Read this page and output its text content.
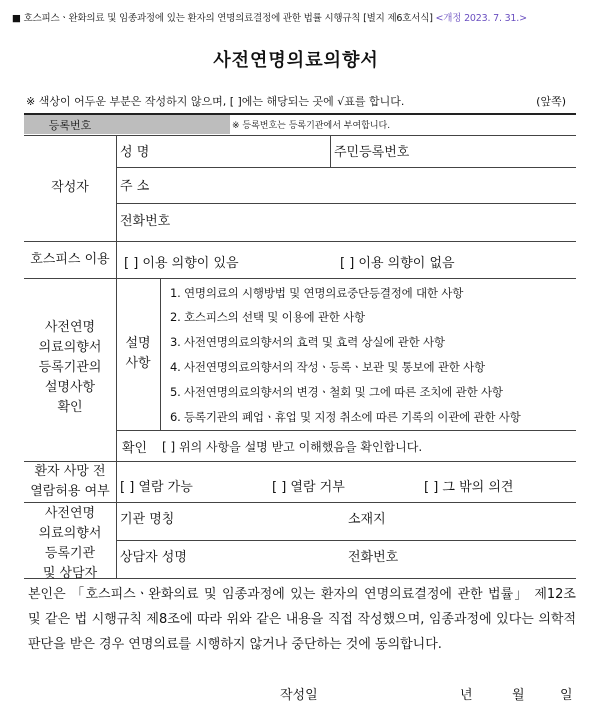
■ 호스피스ㆍ완화의료 및 임종과정에 있는 환자의 연명의료결정에 관한 법률 시행규칙 [별지 제6호서식] <개정 2023. 7. 31.>
사전연명의료의향서
※ 색상이 어두운 부분은 작성하지 않으며, [ ]에는 해당되는 곳에 √표를 합니다.	(앞쪽)
등록번호	※ 등록번호는 등록기관에서 부여합니다.
작성자
성 명	주민등록번호
주 소
전화번호
호스피스 이용	[ ] 이용 의향이 있음	[ ] 이용 의향이 없음
사전연명
의료의향서
등록기관의
설명사항
확인
설명
사항
1. 연명의료의 시행방법 및 연명의료중단등결정에 대한 사항
2. 호스피스의 선택 및 이용에 관한 사항
3. 사전연명의료의향서의 효력 및 효력 상실에 관한 사항
4. 사전연명의료의향서의 작성ㆍ등록ㆍ보관 및 통보에 관한 사항
5. 사전연명의료의향서의 변경ㆍ철회 및 그에 따른 조치에 관한 사항
6. 등록기관의 폐업ㆍ휴업 및 지정 취소에 따른 기록의 이관에 관한 사항
확인 [ ] 위의 사항을 설명 받고 이해했음을 확인합니다.
환자 사망 전
열람허용 여부 [ ] 열람 가능	[ ] 열람 거부	[ ] 그 밖의 의견
사전연명
의료의향서
등록기관
및 상담자
기관 명칭	소재지
상담자 성명	전화번호
본인은 「호스피스ㆍ완화의료 및 임종과정에 있는 환자의 연명의료결정에 관한 법률」 제12조 및 같은 법 시행규칙 제8조에 따라 위와 같은 내용을 직접 작성했으며, 임종과정에 있다는 의학적 판단을 받은 경우 연명의료를 시행하지 않거나 중단하는 것에 동의합니다.
작성일	년	월	일
